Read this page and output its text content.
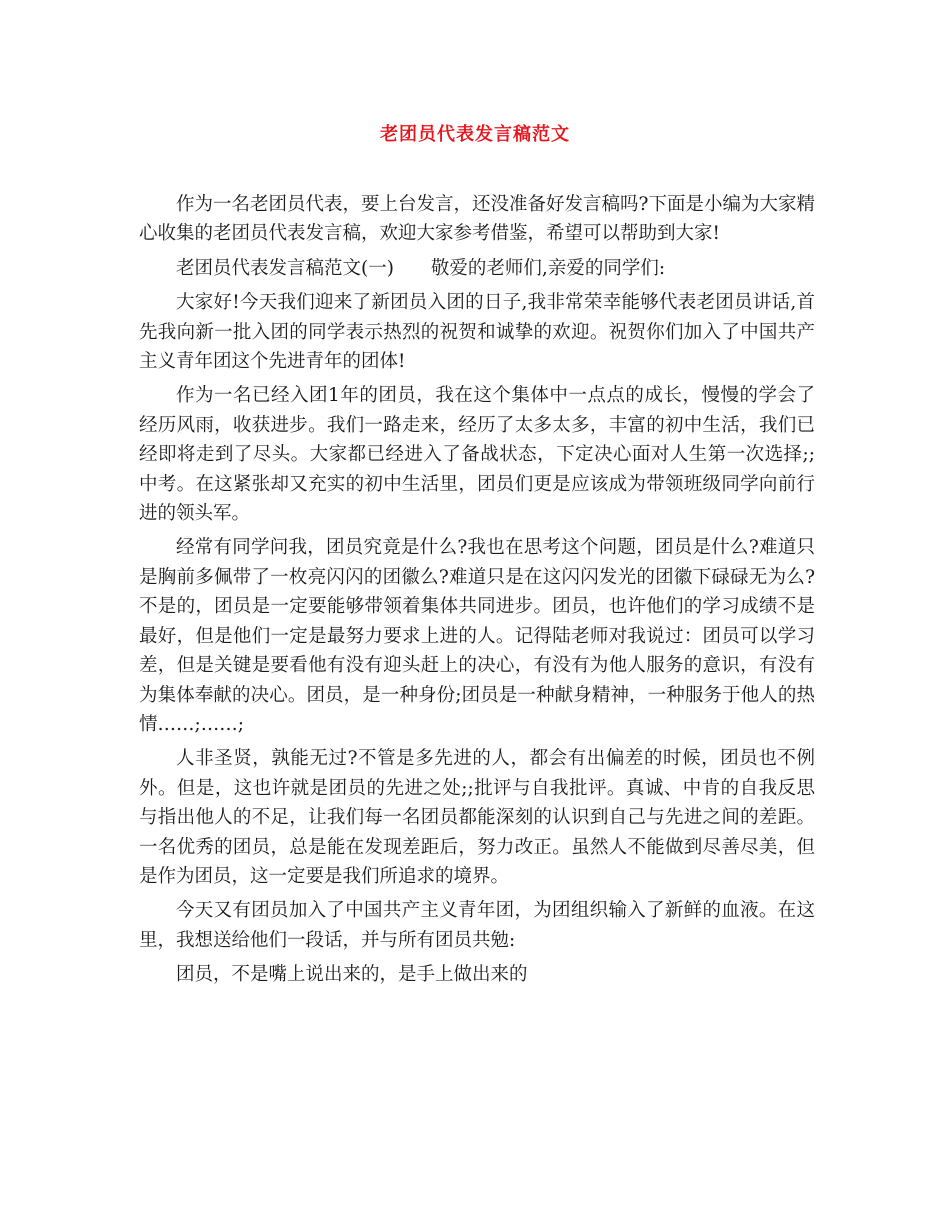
老团员代表发言稿范文

作为一名老团员代表，要上台发言，还没准备好发言稿吗?下面是小编为大家精心收集的老团员代表发言稿，欢迎大家参考借鉴，希望可以帮助到大家!

老团员代表发言稿范文(一)　　敬爱的老师们,亲爱的同学们:

大家好!今天我们迎来了新团员入团的日子,我非常荣幸能够代表老团员讲话,首先我向新一批入团的同学表示热烈的祝贺和诚挚的欢迎。祝贺你们加入了中国共产主义青年团这个先进青年的团体!

作为一名已经入团1年的团员，我在这个集体中一点点的成长，慢慢的学会了经历风雨，收获进步。我们一路走来，经历了太多太多，丰富的初中生活，我们已经即将走到了尽头。大家都已经进入了备战状态，下定决心面对人生第一次选择;;中考。在这紧张却又充实的初中生活里，团员们更是应该成为带领班级同学向前行进的领头军。

经常有同学问我，团员究竟是什么?我也在思考这个问题，团员是什么?难道只是胸前多佩带了一枚亮闪闪的团徽么?难道只是在这闪闪发光的团徽下碌碌无为么?不是的，团员是一定要能够带领着集体共同进步。团员，也许他们的学习成绩不是最好，但是他们一定是最努力要求上进的人。记得陆老师对我说过：团员可以学习差，但是关键是要看他有没有迎头赶上的决心，有没有为他人服务的意识，有没有为集体奉献的决心。团员，是一种身份;团员是一种献身精神，一种服务于他人的热情……;……;

人非圣贤，孰能无过?不管是多先进的人，都会有出偏差的时候，团员也不例外。但是，这也许就是团员的先进之处;;批评与自我批评。真诚、中肯的自我反思与指出他人的不足，让我们每一名团员都能深刻的认识到自己与先进之间的差距。一名优秀的团员，总是能在发现差距后，努力改正。虽然人不能做到尽善尽美，但是作为团员，这一定要是我们所追求的境界。

今天又有团员加入了中国共产主义青年团，为团组织输入了新鲜的血液。在这里，我想送给他们一段话，并与所有团员共勉:

团员，不是嘴上说出来的，是手上做出来的
